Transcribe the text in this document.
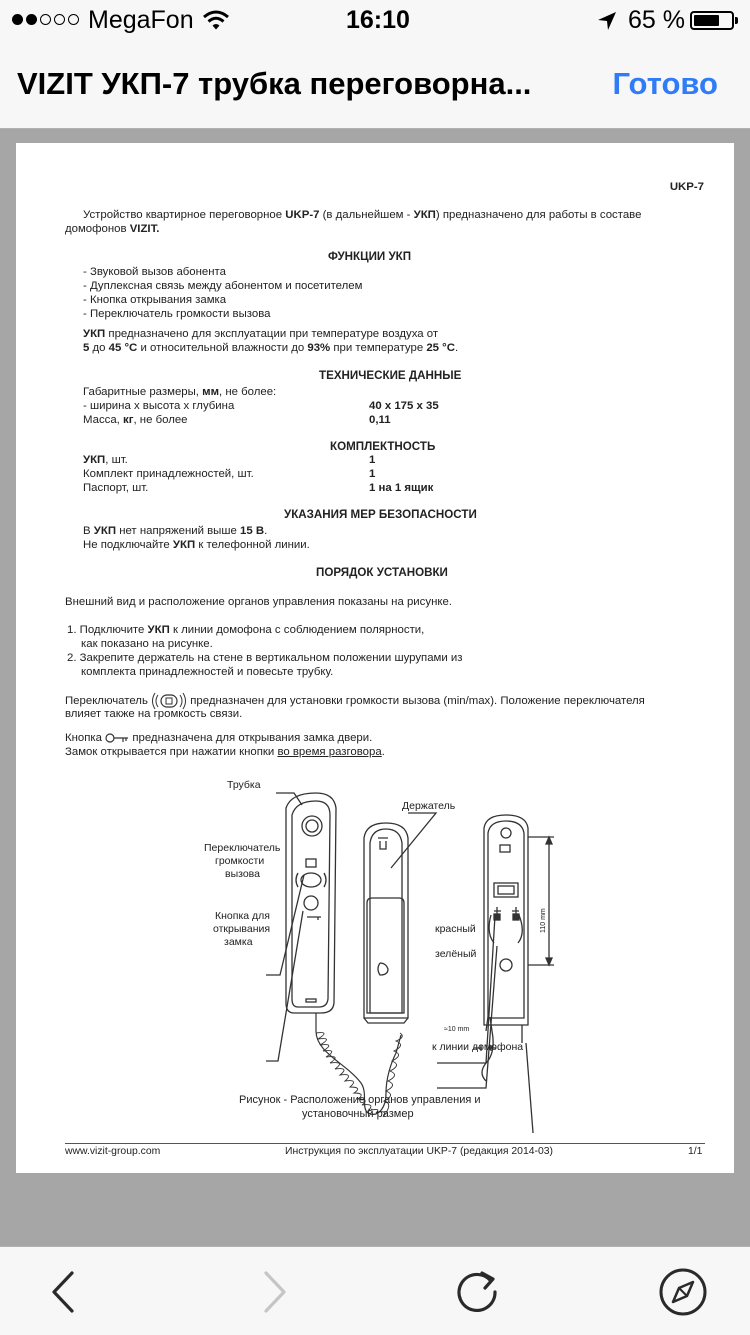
MegaFon	16:10	65 %
VIZIT УКП-7 трубка переговорна...	Готово
UKP-7
Устройство квартирное переговорное UKP-7 (в дальнейшем - УКП) предназначено для работы в составе
домофонов VIZIT.
ФУНКЦИИ УКП
- Звуковой вызов абонента
- Дуплексная связь между абонентом и посетителем
- Кнопка открывания замка
- Переключатель громкости вызова
УКП предназначено для эксплуатации при температуре воздуха от
5 до 45 °C и относительной влажности до 93% при температуре 25 °C.
ТЕХНИЧЕСКИЕ ДАННЫЕ
Габаритные размеры, мм, не более:
- ширина x высота x глубина	40 x 175 x 35
Масса, кг, не более	0,11
КОМПЛЕКТНОСТЬ
УКП, шт.	1
Комплект принадлежностей, шт.	1
Паспорт, шт.	1 на 1 ящик
УКАЗАНИЯ МЕР БЕЗОПАСНОСТИ
В УКП нет напряжений выше 15 В.
Не подключайте УКП к телефонной линии.
ПОРЯДОК УСТАНОВКИ
Внешний вид и расположение органов управления показаны на рисунке.
1. Подключите УКП к линии домофона с соблюдением полярности,
как показано на рисунке.
2. Закрепите держатель на стене в вертикальном положении шурупами из
комплекта принадлежностей и повесьте трубку.
Переключатель	предназначен для установки громкости вызова (min/max). Положение переключателя
влияет также на громкость связи.
Кнопка	предназначена для открывания замка двери.
Замок открывается при нажатии кнопки во время разговора.
Трубка
Держатель
Переключатель громкости вызова
Кнопка для открывания замка
красный
зелёный
110 mm
≈10 mm
к линии домофона
Рисунок - Расположение органов управления и установочный размер
www.vizit-group.com	Инструкция по эксплуатации UKP-7 (редакция 2014-03)	1/1
